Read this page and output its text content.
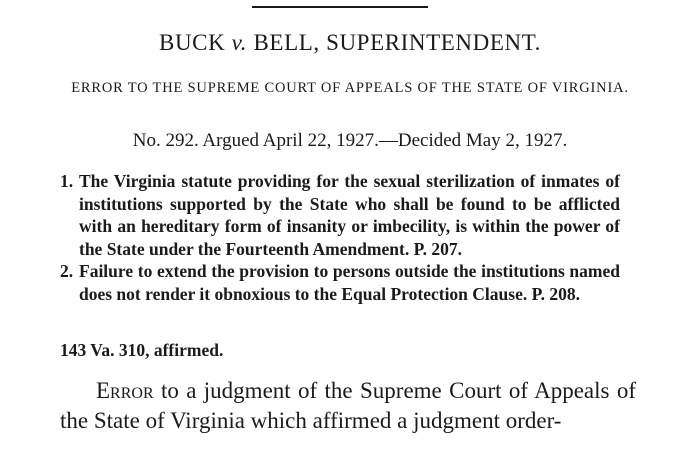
BUCK v. BELL, SUPERINTENDENT.
ERROR TO THE SUPREME COURT OF APPEALS OF THE STATE OF VIRGINIA.
No. 292. Argued April 22, 1927.—Decided May 2, 1927.
1. The Virginia statute providing for the sexual sterilization of inmates of institutions supported by the State who shall be found to be afflicted with an hereditary form of insanity or imbecility, is within the power of the State under the Fourteenth Amendment. P. 207.
2. Failure to extend the provision to persons outside the institutions named does not render it obnoxious to the Equal Protection Clause. P. 208.
143 Va. 310, affirmed.
Error to a judgment of the Supreme Court of Appeals of the State of Virginia which affirmed a judgment order-
